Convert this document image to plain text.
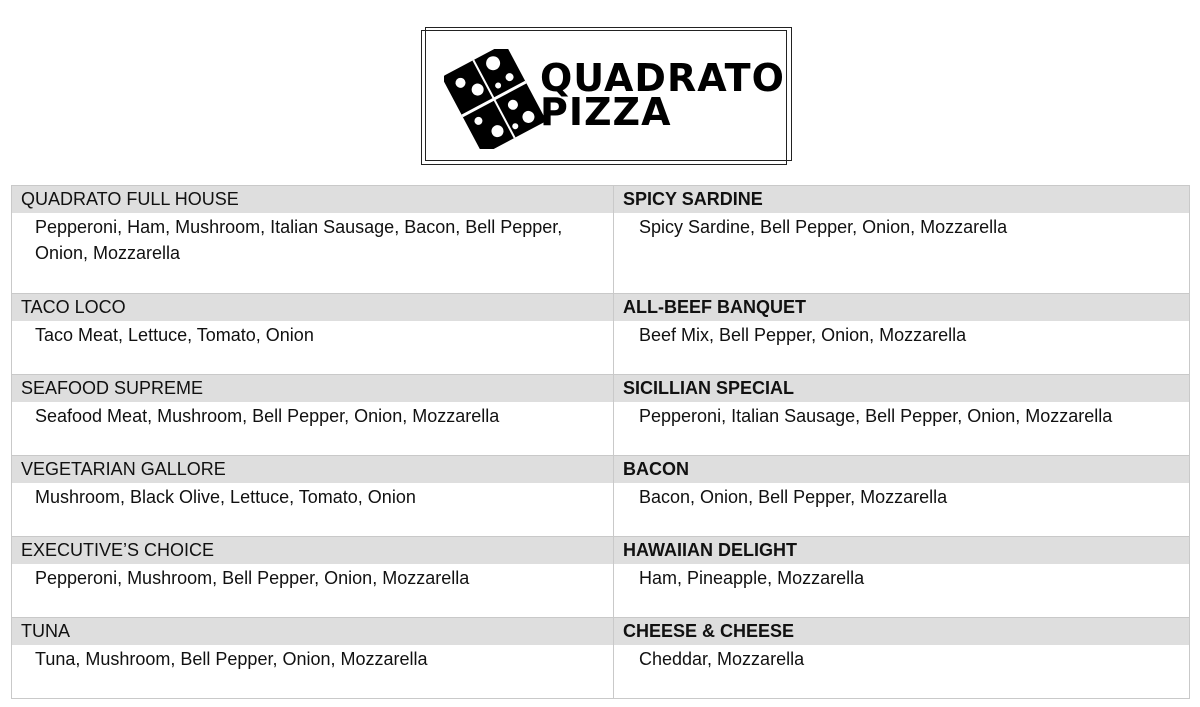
QUADRATO
PIZZA
QUADRATO FULL HOUSE	SPICY SARDINE
Pepperoni, Ham, Mushroom, Italian Sausage, Bacon, Bell Pepper, Onion, Mozzarella	Spicy Sardine, Bell Pepper, Onion, Mozzarella
TACO LOCO	ALL-BEEF BANQUET
Taco Meat, Lettuce, Tomato, Onion	Beef Mix, Bell Pepper, Onion, Mozzarella
SEAFOOD SUPREME	SICILLIAN SPECIAL
Seafood Meat, Mushroom, Bell Pepper, Onion, Mozzarella	Pepperoni, Italian Sausage, Bell Pepper, Onion, Mozzarella
VEGETARIAN GALLORE	BACON
Mushroom, Black Olive, Lettuce, Tomato, Onion	Bacon, Onion, Bell Pepper, Mozzarella
EXECUTIVE’S CHOICE	HAWAIIAN DELIGHT
Pepperoni, Mushroom, Bell Pepper, Onion, Mozzarella	Ham, Pineapple, Mozzarella
TUNA	CHEESE & CHEESE
Tuna, Mushroom, Bell Pepper, Onion, Mozzarella	Cheddar, Mozzarella
